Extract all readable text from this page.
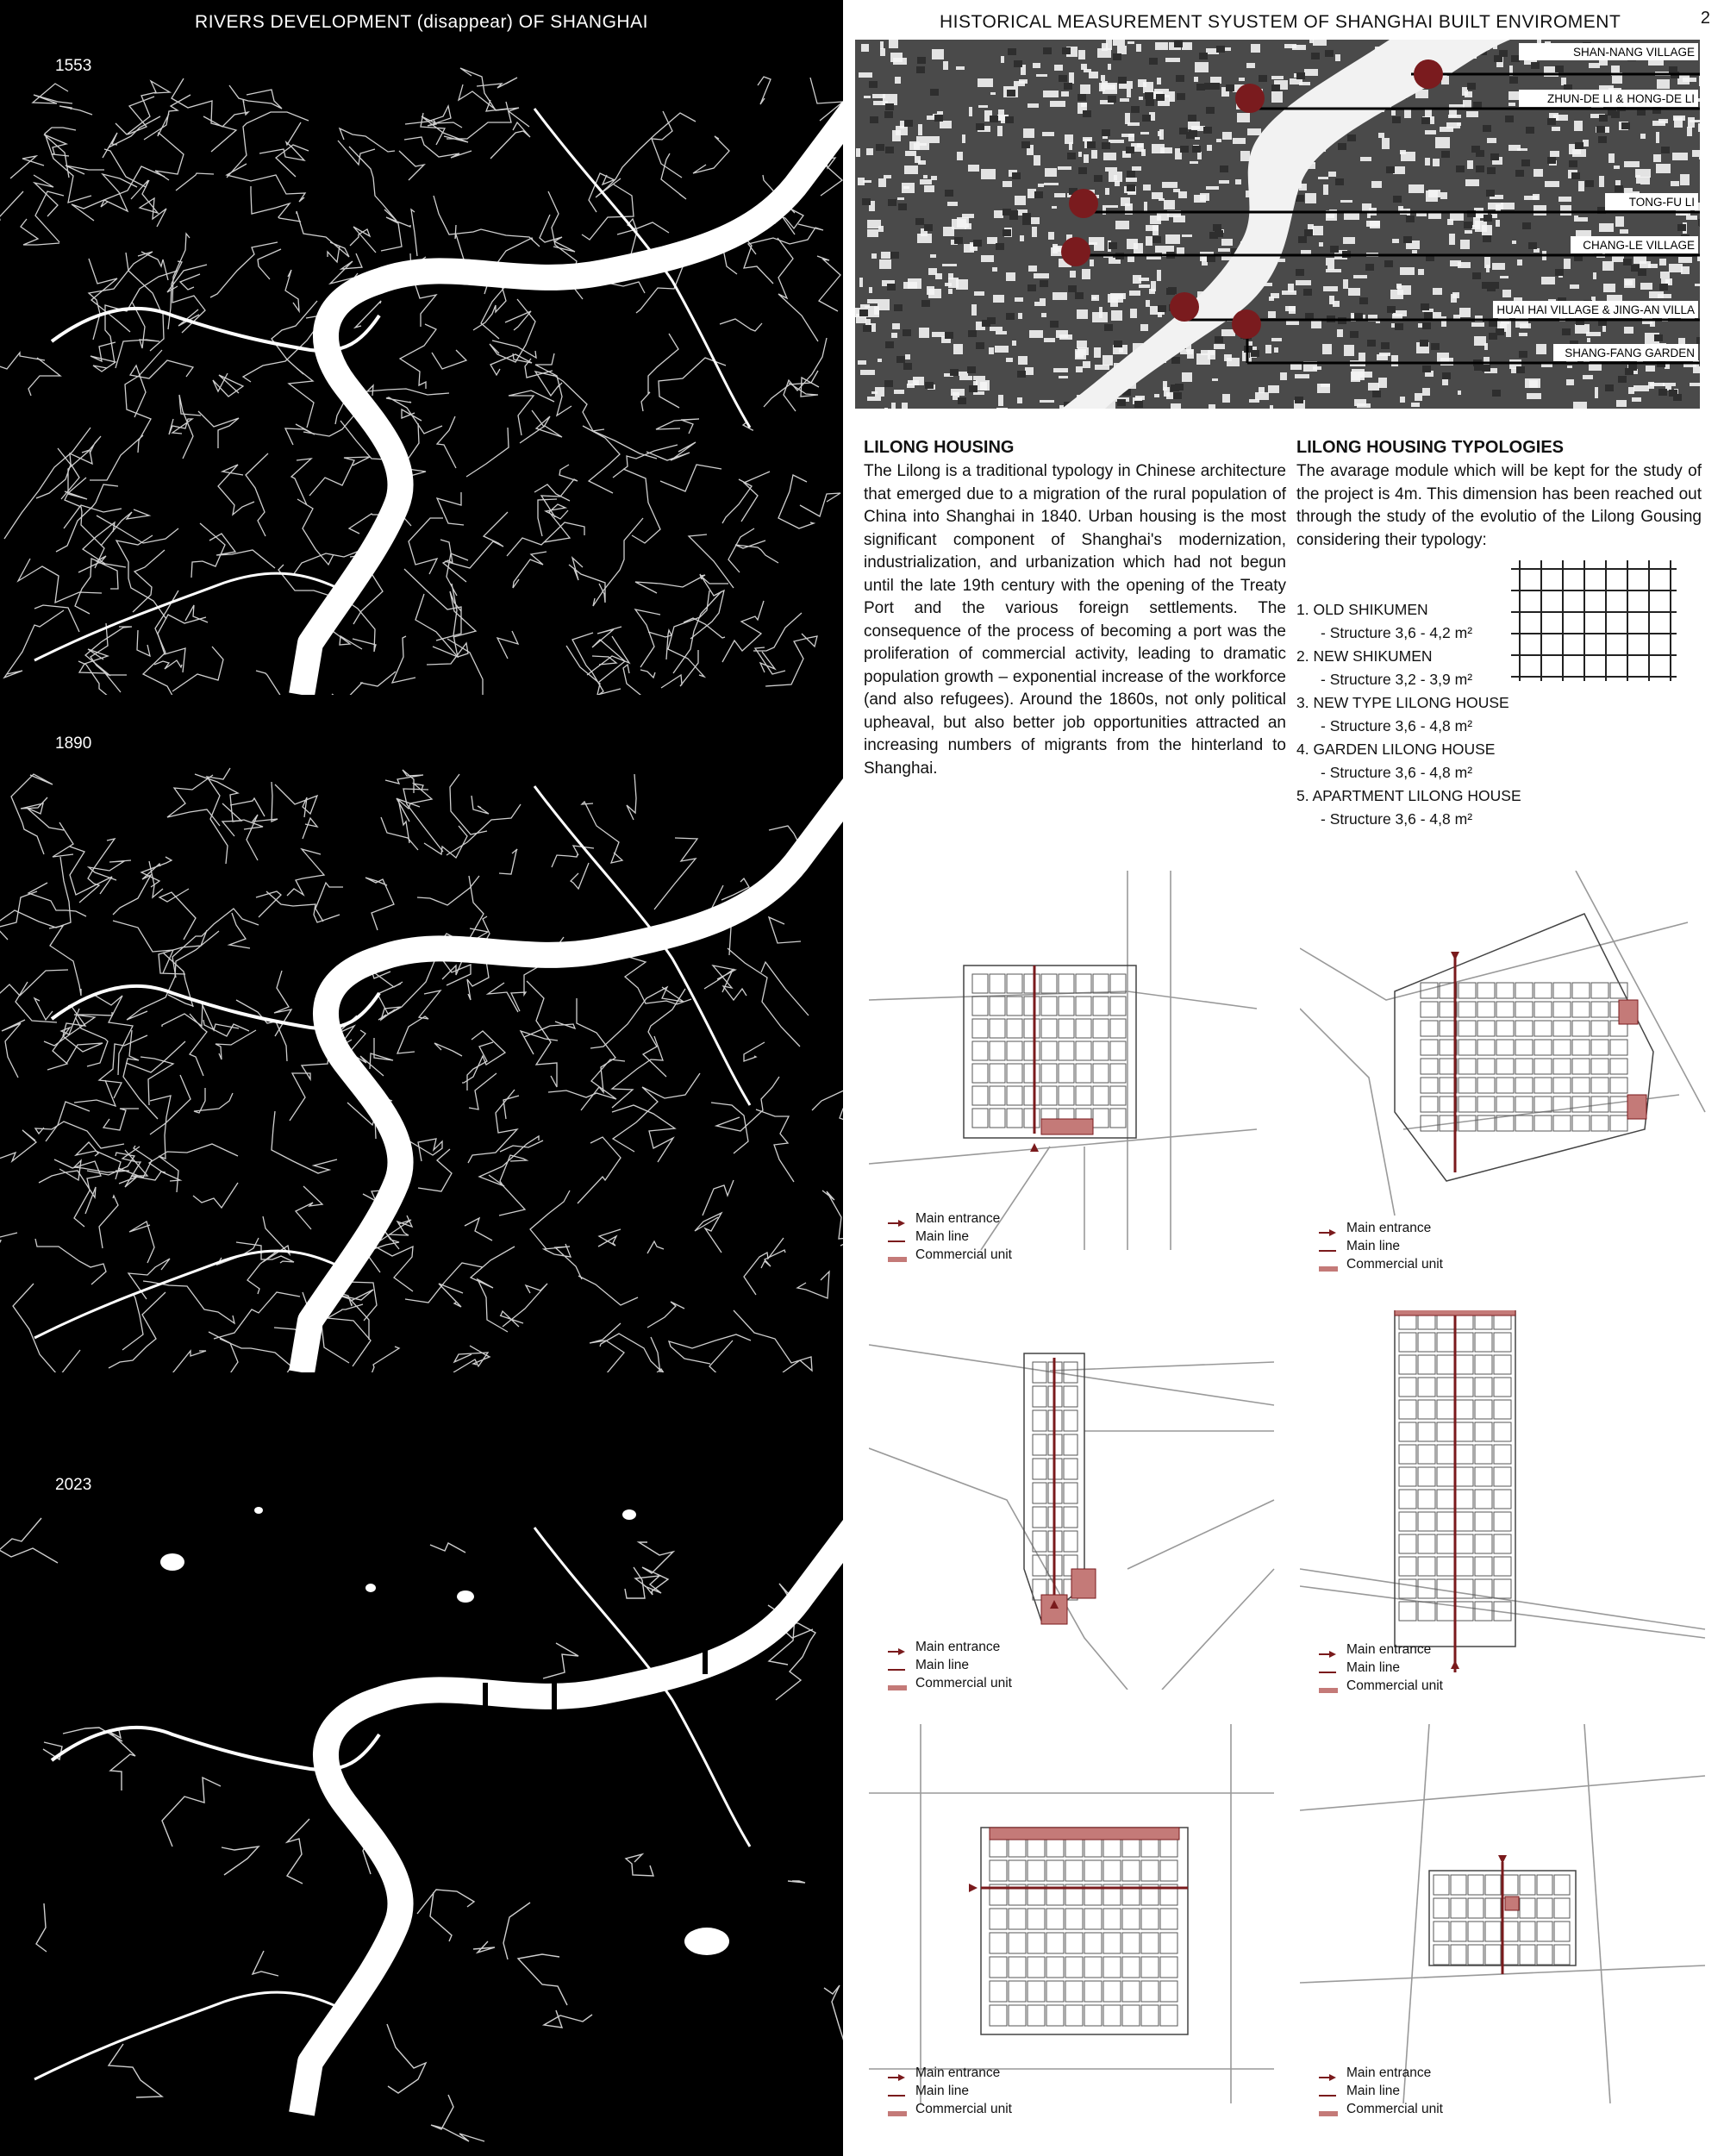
RIVERS DEVELOPMENT (disappear) OF SHANGHAI
1553
1890
2023
HISTORICAL MEASUREMENT SYUSTEM OF SHANGHAI BUILT ENVIROMENT	2
SHAN-NANG VILLAGE
ZHUN-DE LI & HONG-DE LI
TONG-FU LI
CHANG-LE VILLAGE
HUAI HAI VILLAGE & JING-AN VILLA
SHANG-FANG GARDEN
LILONG HOUSING
The Lilong is a traditional typology in Chinese architecture that emerged due to a migration of the rural population of China into Shanghai in 1840. Urban housing is the most significant component of Shanghai's modernization, industrialization, and urbanization which had not begun until the late 19th century with the opening of the Treaty Port and the various foreign settlements. The consequence of the process of becoming a port was the proliferation of commercial activity, leading to dramatic population growth – exponential increase of the workforce (and also refugees). Around the 1860s, not only political upheaval, but also better job opportunities attracted an increasing numbers of migrants from the hinterland to Shanghai.
LILONG HOUSING TYPOLOGIES
The avarage module which will be kept for the study of the project is 4m. This dimension has been reached out through the study of the evolutio of the Lilong Gousing considering their typology:
1. OLD SHIKUMEN
- Structure 3,6 - 4,2 m²
2. NEW SHIKUMEN
- Structure 3,2 - 3,9 m²
3. NEW TYPE LILONG HOUSE
- Structure 3,6 - 4,8 m²
4. GARDEN LILONG HOUSE
- Structure 3,6 - 4,8 m²
5. APARTMENT LILONG HOUSE
- Structure 3,6 - 4,8 m²
Main entrance
Main line
Commercial unit
Main entrance
Main line
Commercial unit
Main entrance
Main line
Commercial unit
Main entrance
Main line
Commercial unit
Main entrance
Main line
Commercial unit
Main entrance
Main line
Commercial unit
